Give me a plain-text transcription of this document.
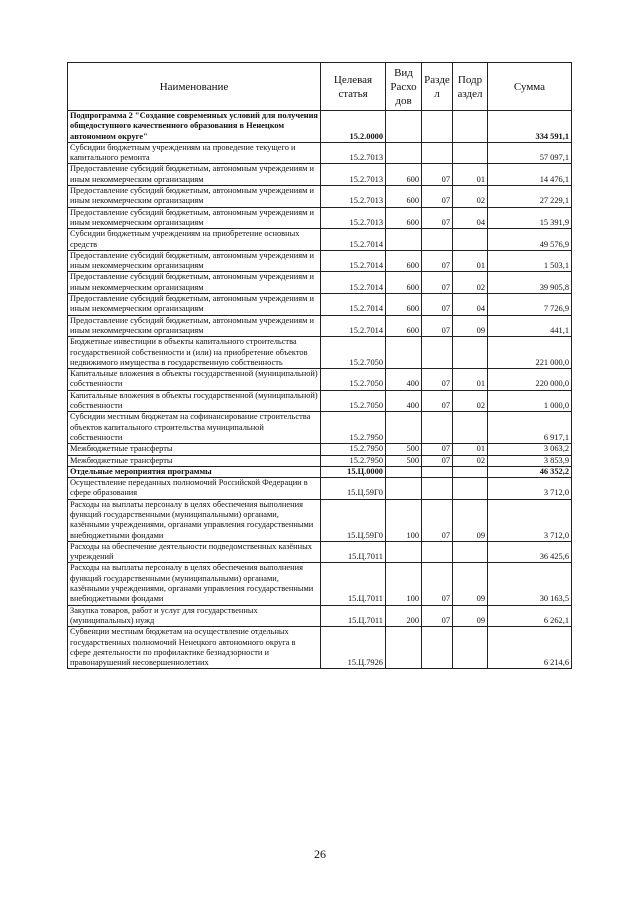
Наименование	Целевая статья	Вид Расхо дов	Разде л	Подр аздел	Сумма
Подпрограмма 2 "Создание современных условий для получения общедоступного качественного образования в Ненецком автономном округе"	15.2.0000				334 591,1
Субсидии бюджетным учреждениям на проведение текущего и капитального ремонта	15.2.7013				57 097,1
Предоставление субсидий бюджетным, автономным учреждениям и иным некоммерческим организациям	15.2.7013	600	07	01	14 476,1
Предоставление субсидий бюджетным, автономным учреждениям и иным некоммерческим организациям	15.2.7013	600	07	02	27 229,1
Предоставление субсидий бюджетным, автономным учреждениям и иным некоммерческим организациям	15.2.7013	600	07	04	15 391,9
Субсидии бюджетным учреждениям на приобретение основных средств	15.2.7014				49 576,9
Предоставление субсидий бюджетным, автономным учреждениям и иным некоммерческим организациям	15.2.7014	600	07	01	1 503,1
Предоставление субсидий бюджетным, автономным учреждениям и иным некоммерческим организациям	15.2.7014	600	07	02	39 905,8
Предоставление субсидий бюджетным, автономным учреждениям и иным некоммерческим организациям	15.2.7014	600	07	04	7 726,9
Предоставление субсидий бюджетным, автономным учреждениям и иным некоммерческим организациям	15.2.7014	600	07	09	441,1
Бюджетные инвестиции в объекты капитального строительства государственной собственности и (или) на приобретение объектов недвижимого имущества в государственную собственность	15.2.7050				221 000,0
Капитальные вложения в объекты государственной (муниципальной) собственности	15.2.7050	400	07	01	220 000,0
Капитальные вложения в объекты государственной (муниципальной) собственности	15.2.7050	400	07	02	1 000,0
Субсидии местным бюджетам на софинансирование строительства объектов капитального строительства муниципальной собственности	15.2.7950				6 917,1
Межбюджетные трансферты	15.2.7950	500	07	01	3 063,2
Межбюджетные трансферты	15.2.7950	500	07	02	3 853,9
Отдельные мероприятия программы	15.Ц.0000				46 352,2
Осуществление переданных полномочий Российской Федерации в сфере образования	15.Ц.59Г0				3 712,0
Расходы на выплаты персоналу в целях обеспечения выполнения функций государственными (муниципальными) органами, казёнными учреждениями, органами управления государственными внебюджетными фондами	15.Ц.59Г0	100	07	09	3 712,0
Расходы на обеспечение деятельности подведомственных казённых учреждений	15.Ц.7011				36 425,6
Расходы на выплаты персоналу в целях обеспечения выполнения функций государственными (муниципальными) органами, казёнными учреждениями, органами управления государственными внебюджетными фондами	15.Ц.7011	100	07	09	30 163,5
Закупка товаров, работ и услуг для государственных (муниципальных) нужд	15.Ц.7011	200	07	09	6 262,1
Субвенции местным бюджетам на осуществление отдельных государственных полномочий Ненецкого автономного округа в сфере деятельности по профилактике безнадзорности и правонарушений несовершеннолетних	15.Ц.7926				6 214,6
26
